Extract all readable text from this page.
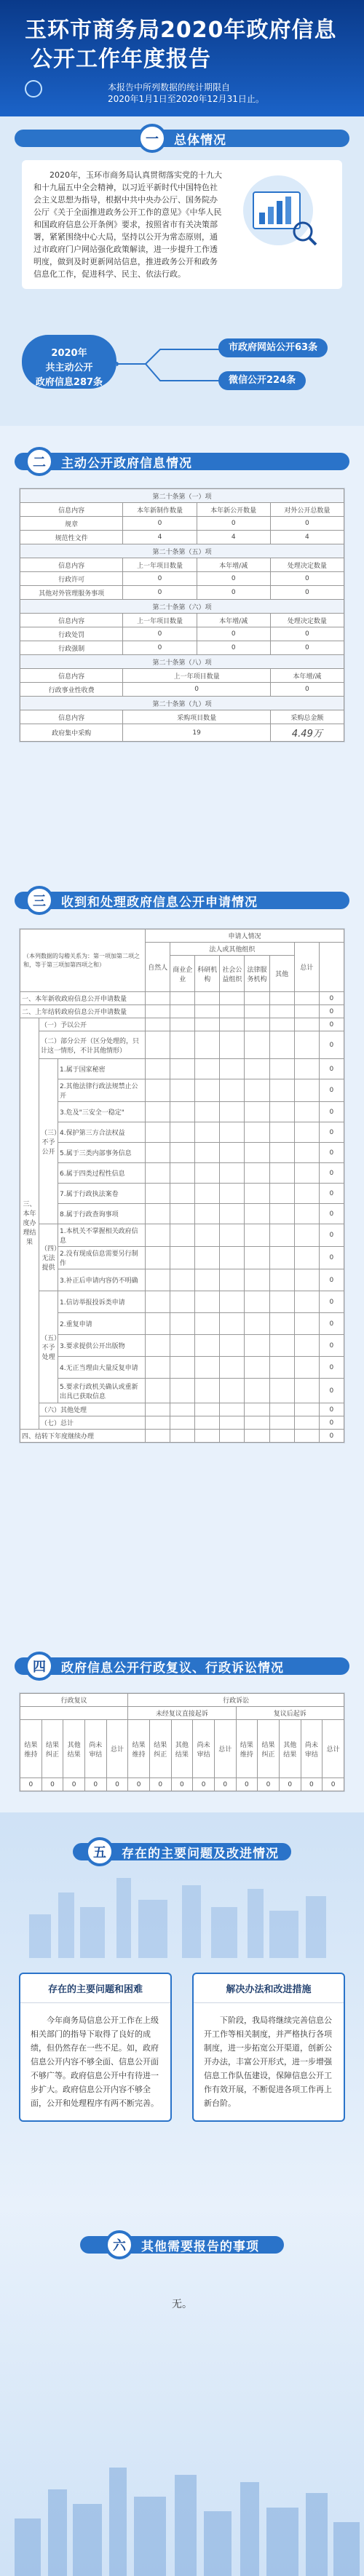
玉环市商务局2020年政府信息
公开工作年度报告
本报告中所列数据的统计期限自
2020年1月1日至2020年12月31日止。
一	总体情况
2020年，玉环市商务局认真贯彻落实党的十九大和十九届五中全会精神，以习近平新时代中国特色社会主义思想为指导，根据中共中央办公厅、国务院办公厅《关于全面推进政务公开工作的意见》《中华人民和国政府信息公开条例》要求，按照省市有关决策部署，紧紧围绕中心大局，坚持以公开为常态原则，通过市政府门户网站强化政策解读，进一步提升工作透明度，做到及时更新网站信息，推进政务公开和政务信息化工作，促进科学、民主、依法行政。
2020年
共主动公开
政府信息287条
市政府网站公开63条
微信公开224条
二	主动公开政府信息情况
第二十条第（一）项			
信息内容	本年新制作数量	本年新公开数量	对外公开总数量
规章	0	0	0
规范性文件	4	4	4
第二十条第（五）项			
信息内容	上一年项目数量	本年增/减	处理决定数量
行政许可	0	0	0
其他对外管理服务事项	0	0	0
第二十条第（六）项			
信息内容	上一年项目数量	本年增/减	处理决定数量
行政处罚	0	0	0
行政强制	0	0	0
第二十条第（八）项			
信息内容	上一年项目数量		本年增/减
行政事业性收费	0		0
第二十条第（九）项			
信息内容	采购项目数量		采购总金额
政府集中采购	19		4.49万
三	收到和处理政府信息公开申请情况
（本列数据的勾稽关系为：第一项加第二项之和，等于第三项加第四项之和）			申请人情况							
			自然人	法人或其他组织					总计	
				商业企业	科研机构	社会公益组织	法律服务机构	其他		
一、本年新收政府信息公开申请数量										0
二、上年结转政府信息公开申请数量										0
三、本年度办理结果	（一）予以公开									0
	（二）部分公开（区分处理的，只计这一情形，不计其他情形）									0
	（三）不予公开	1.属于国家秘密								0
		2.其他法律行政法规禁止公开								0
		3.危及"三安全一稳定"								0
		4.保护第三方合法权益								0
		5.属于三类内部事务信息								0
		6.属于四类过程性信息								0
		7.属于行政执法案卷								0
		8.属于行政查询事项								0
	（四）无法提供	1.本机关不掌握相关政府信息								0
		2.没有现成信息需要另行制作								0
		3.补正后申请内容仍不明确								0
	（五）不予处理	1.信访举报投诉类申请								0
		2.重复申请								0
		3.要求提供公开出版物								0
		4.无正当理由大量反复申请								0
		5.要求行政机关确认或重新出具已获取信息								0
	（六）其他处理									0
	（七）总计									0
四、结转下年度继续办理										0
四	政府信息公开行政复议、行政诉讼情况
行政复议					行政诉讼									
					未经复议直接起诉					复议后起诉				
结果维持	结果纠正	其他结果	尚未审结	总计	结果维持	结果纠正	其他结果	尚未审结	总计	结果维持	结果纠正	其他结果	尚未审结	总计
0	0	0	0	0	0	0	0	0	0	0	0	0	0	0
五	存在的主要问题及改进情况
存在的主要问题和困难
今年商务局信息公开工作在上级相关部门的指导下取得了良好的成绩，但仍然存在一些不足。如，政府信息公开内容不够全面、信息公开面不够广等。政府信息公开中有待进一步扩大。政府信息公开内容不够全面，公开和处理程序有两不断完善。
解决办法和改进措施
下阶段，我局将继续完善信息公开工作等相关制度，并严格执行各项制度，进一步拓宽公开渠道，创新公开办法，丰富公开形式，进一步增强信息工作队伍建设，保障信息公开工作有效开展，不断促进各项工作再上新台阶。
六	其他需要报告的事项
无。
